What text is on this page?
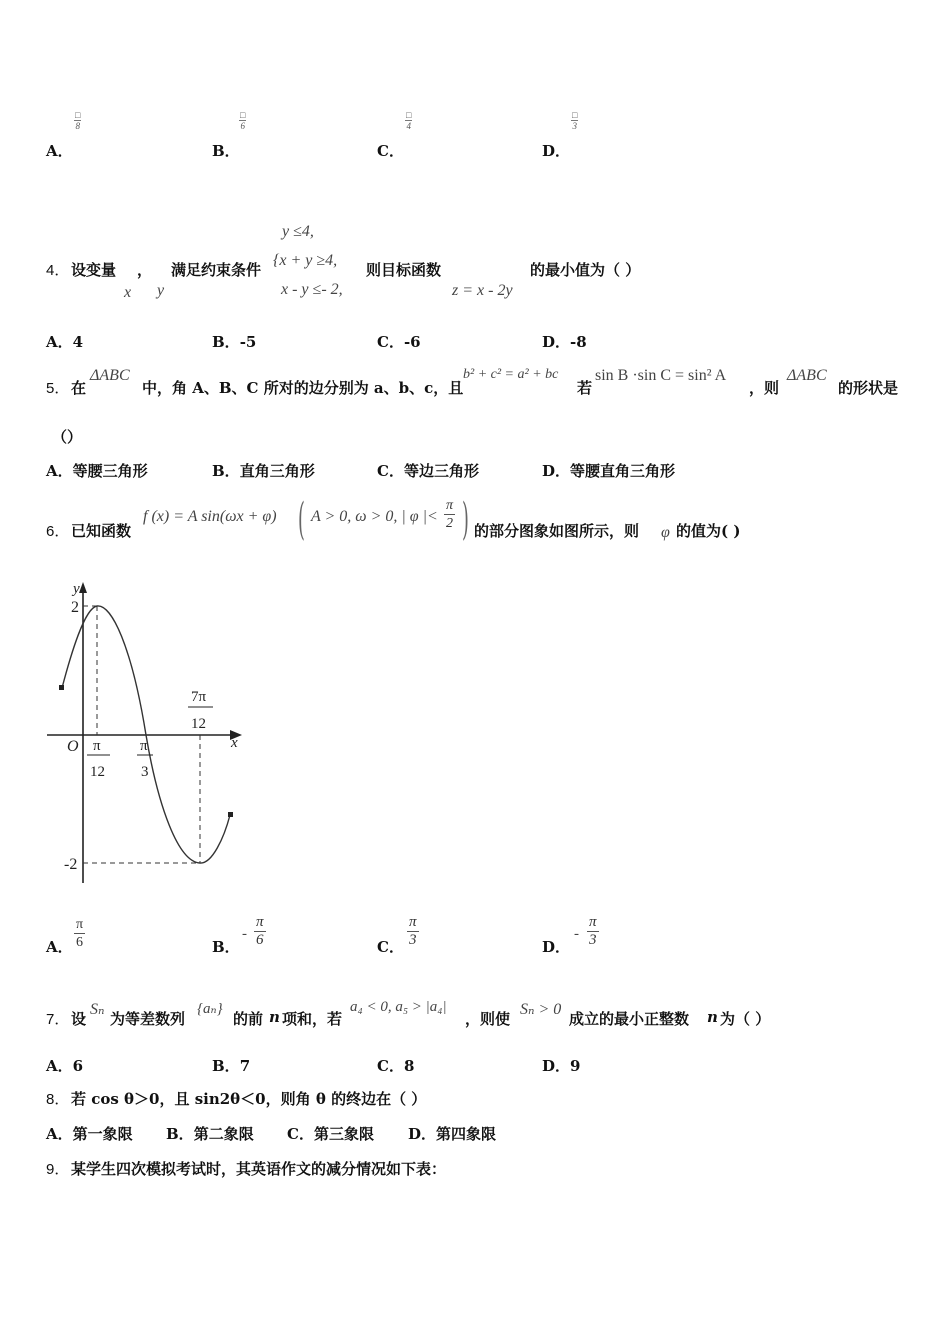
A．
$\frac{□}{8}$
B．
$\frac{□}{6}$
C．
$\frac{□}{4}$
D．
$\frac{□}{3}$
4． 设变量 ， 满足约束条件
x y
y ≤4,
{x + y ≥4,
x - y ≤- 2,
则目标函数
z = x - 2y
的最小值为（ ）
A．4	B．-5	C．-6	D．-8
5． 在
ΔABC
中，角 A、B、C 所对的边分别为 a、b、c，且
b² + c² = a² + bc
若
sin B ·sin C = sin² A
，则
ΔABC
的形状是
（）
A．等腰三角形	B．直角三角形	C．等边三角形	D．等腰直角三角形
6． 已知函数
f (x) = A sin(ωx + φ) ( A > 0, ω > 0, | φ |< $\frac{\pi}{2}$ ) 的部分图象如图所示，则 φ 的值为( )
y
x
O
2
-2
π
12
π
3
7π
12
A． $\frac{\pi}{6}$	B．
- $\frac{\pi}{6}$	C． $\frac{\pi}{3}$	D．
- $\frac{\pi}{3}$
7． 设
Sₙ
为等差数列
{aₙ}
的前 n 项和，若
a₄ < 0, a₅ > |a₄|
，则使
Sₙ > 0
成立的最小正整数 n 为（ ）
A．6	B．7	C．8	D．9
8． 若 cos θ＞0，且 sin2θ＜0，则角 θ 的终边在（ ）
A．第一象限 B．第二象限 C．第三象限 D．第四象限
9． 某学生四次模拟考试时，其英语作文的减分情况如下表：
